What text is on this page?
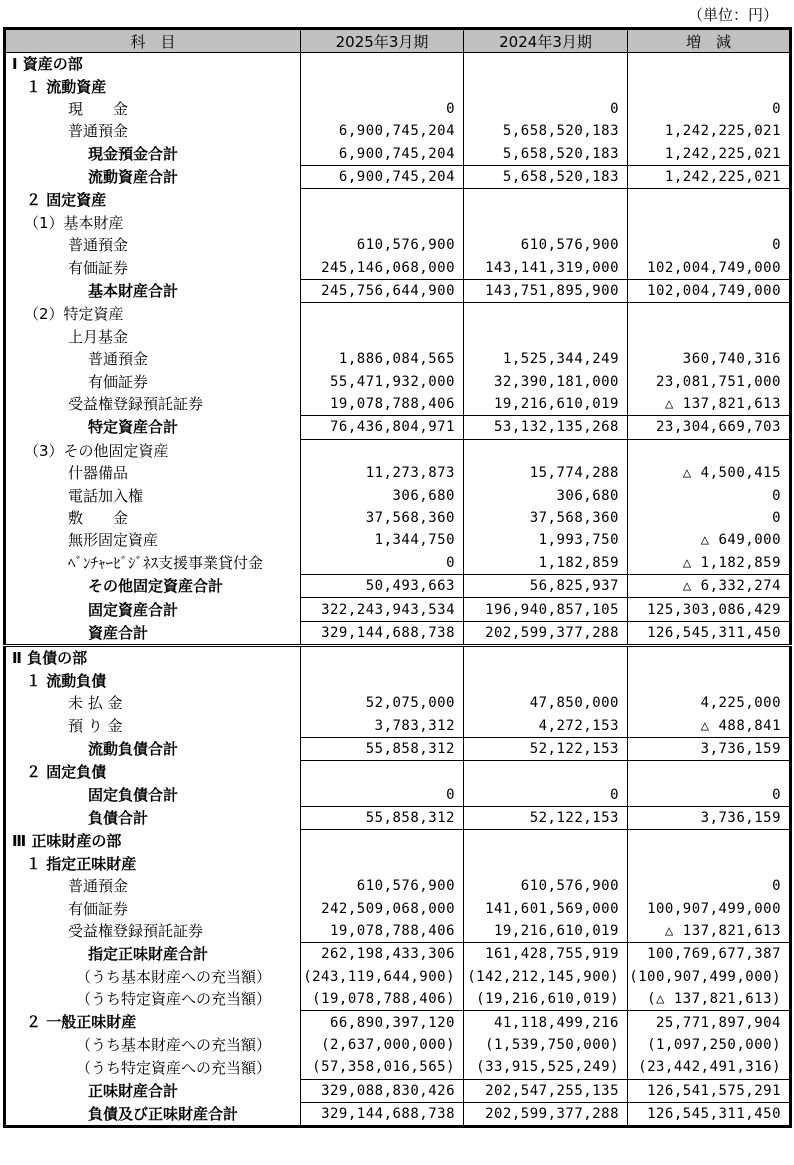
（単位：円）
科　目	2025年3月期	2024年3月期	増　減
Ⅰ 資産の部			
１ 流動資産			
現　　金	0	0	0
普通預金	6,900,745,204	5,658,520,183	1,242,225,021
現金預金合計	6,900,745,204	5,658,520,183	1,242,225,021
流動資産合計	6,900,745,204	5,658,520,183	1,242,225,021
２ 固定資産			
（1）基本財産			
普通預金	610,576,900	610,576,900	0
有価証券	245,146,068,000	143,141,319,000	102,004,749,000
基本財産合計	245,756,644,900	143,751,895,900	102,004,749,000
（2）特定資産			
上月基金			
普通預金	1,886,084,565	1,525,344,249	360,740,316
有価証券	55,471,932,000	32,390,181,000	23,081,751,000
受益権登録預託証券	19,078,788,406	19,216,610,019	△ 137,821,613
特定資産合計	76,436,804,971	53,132,135,268	23,304,669,703
（3）その他固定資産			
什器備品	11,273,873	15,774,288	△ 4,500,415
電話加入権	306,680	306,680	0
敷　　金	37,568,360	37,568,360	0
無形固定資産	1,344,750	1,993,750	△ 649,000
ﾍﾞﾝﾁｬｰﾋﾞｼﾞﾈｽ支援事業貸付金	0	1,182,859	△ 1,182,859
その他固定資産合計	50,493,663	56,825,937	△ 6,332,274
固定資産合計	322,243,943,534	196,940,857,105	125,303,086,429
資産合計	329,144,688,738	202,599,377,288	126,545,311,450
Ⅱ 負債の部			
１ 流動負債			
未 払 金	52,075,000	47,850,000	4,225,000
預 り 金	3,783,312	4,272,153	△ 488,841
流動負債合計	55,858,312	52,122,153	3,736,159
２ 固定負債			
固定負債合計	0	0	0
負債合計	55,858,312	52,122,153	3,736,159
Ⅲ 正味財産の部			
１ 指定正味財産			
普通預金	610,576,900	610,576,900	0
有価証券	242,509,068,000	141,601,569,000	100,907,499,000
受益権登録預託証券	19,078,788,406	19,216,610,019	△ 137,821,613
指定正味財産合計	262,198,433,306	161,428,755,919	100,769,677,387
（うち基本財産への充当額）	(243,119,644,900)	(142,212,145,900)	(100,907,499,000)
（うち特定資産への充当額）	(19,078,788,406)	(19,216,610,019)	(△ 137,821,613)
２ 一般正味財産	66,890,397,120	41,118,499,216	25,771,897,904
（うち基本財産への充当額）	(2,637,000,000)	(1,539,750,000)	(1,097,250,000)
（うち特定資産への充当額）	(57,358,016,565)	(33,915,525,249)	(23,442,491,316)
正味財産合計	329,088,830,426	202,547,255,135	126,541,575,291
負債及び正味財産合計	329,144,688,738	202,599,377,288	126,545,311,450
